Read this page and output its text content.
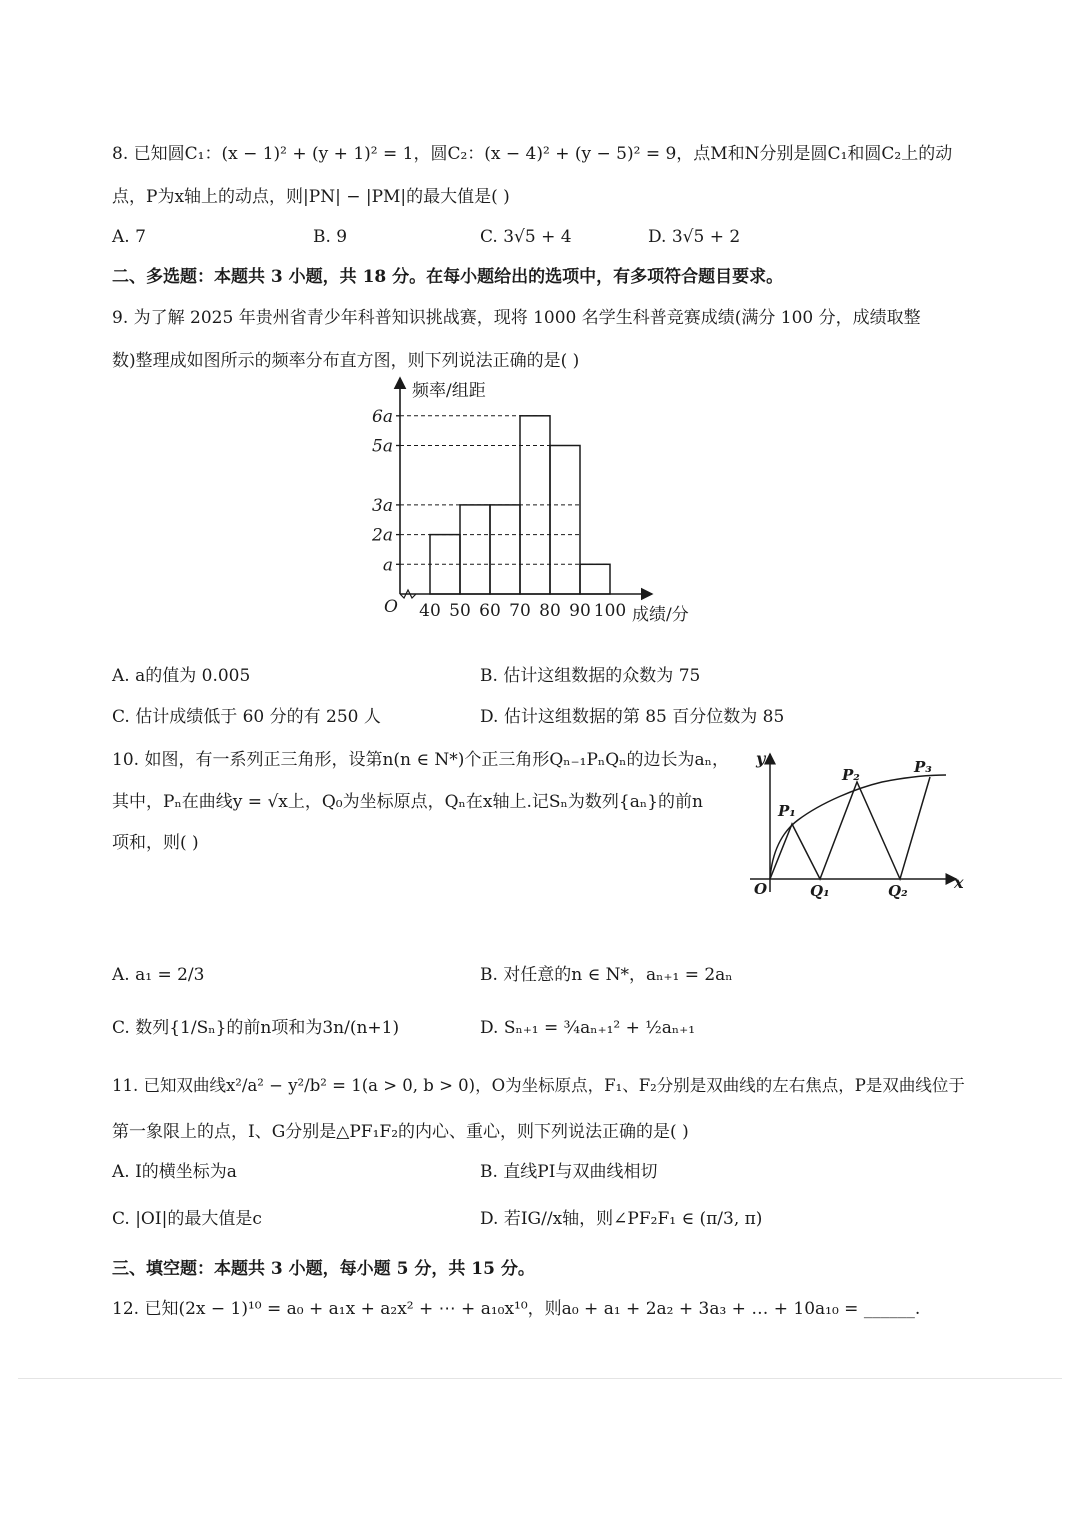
8. 已知圆C₁：(x − 1)² + (y + 1)² = 1，圆C₂：(x − 4)² + (y − 5)² = 9，点M和N分别是圆C₁和圆C₂上的动
点，P为x轴上的动点，则|PN| − |PM|的最大值是( )
A. 7	B. 9	C. 3√5 + 4	D. 3√5 + 2
二、多选题：本题共 3 小题，共 18 分。在每小题给出的选项中，有多项符合题目要求。
9. 为了解 2025 年贵州省青少年科普知识挑战赛，现将 1000 名学生科普竞赛成绩(满分 100 分，成绩取整
数)整理成如图所示的频率分布直方图，则下列说法正确的是( )
a
2a
3a
5a
6a
40 50 60 70 80 90 100
频率/组距
成绩/分
O
A. a的值为 0.005	B. 估计这组数据的众数为 75
C. 估计成绩低于 60 分的有 250 人	D. 估计这组数据的第 85 百分位数为 85
10. 如图，有一系列正三角形，设第n(n ∈ N*)个正三角形Qₙ₋₁PₙQₙ的边长为aₙ，
其中，Pₙ在曲线y = √x上，Q₀为坐标原点，Qₙ在x轴上.记Sₙ为数列{aₙ}的前n
项和，则( )
y
x
O
P₁
P₂	P₃
Q₁	Q₂
A. a₁ = 2/3	B. 对任意的n ∈ N*，aₙ₊₁ = 2aₙ
C. 数列{1/Sₙ}的前n项和为3n/(n+1)	D. Sₙ₊₁ = ¾aₙ₊₁² + ½aₙ₊₁
11. 已知双曲线x²/a² − y²/b² = 1(a > 0, b > 0)，O为坐标原点，F₁、F₂分别是双曲线的左右焦点，P是双曲线位于
第一象限上的点，I、G分别是△PF₁F₂的内心、重心，则下列说法正确的是( )
A. I的横坐标为a	B. 直线PI与双曲线相切
C. |OI|的最大值是c	D. 若IG//x轴，则∠PF₂F₁ ∈ (π/3, π)
三、填空题：本题共 3 小题，每小题 5 分，共 15 分。
12. 已知(2x − 1)¹⁰ = a₀ + a₁x + a₂x² + ⋯ + a₁₀x¹⁰，则a₀ + a₁ + 2a₂ + 3a₃ + … + 10a₁₀ = ______.
